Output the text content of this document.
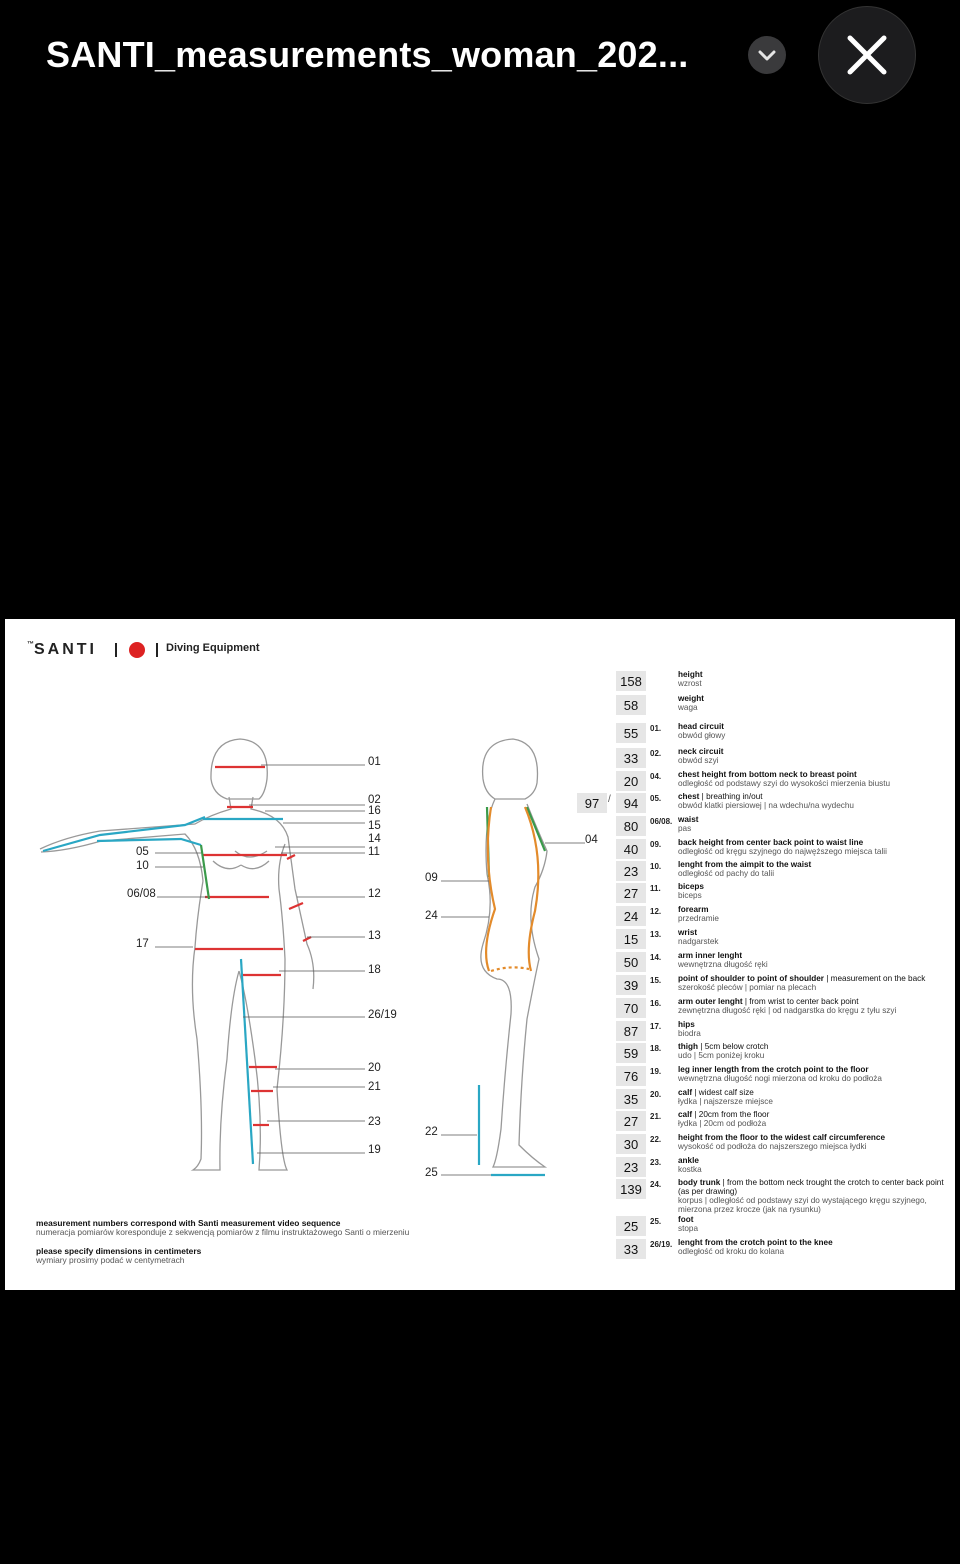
SANTI_measurements_woman_202...
™SANTI	Diving Equipment
01
02
16
15
14
11
05
10
06/08	12
17
13
18
26/19
20
21
23
19
04
09
24
22
25
158	height
wzrost
58	weight
waga
55	01. head circuit
obwód głowy
33	02. neck circuit
obwód szyi
20	04. chest height from bottom neck to breast point
odległość od podstawy szyi do wysokości mierzenia biustu
97 / 94	05. chest | breathing in/out
obwód klatki piersiowej | na wdechu/na wydechu
80	06/08. waist
pas
40	09. back height from center back point to waist line
odległość od kręgu szyjnego do najwęższego miejsca talii
23	10. lenght from the aimpit to the waist
odległość od pachy do talii
27	11. biceps
biceps
24	12. forearm
przedramie
15	13. wrist
nadgarstek
50	14. arm inner lenght
wewnętrzna długość ręki
39	15. point of shoulder to point of shoulder | measurement on the back
szerokość pleców | pomiar na plecach
70	16. arm outer lenght | from wrist to center back point
zewnętrzna długość ręki | od nadgarstka do kręgu z tyłu szyi
87	17. hips
biodra
59	18. thigh | 5cm below crotch
udo | 5cm poniżej kroku
76	19. leg inner length from the crotch point to the floor
wewnętrzna długość nogi mierzona od kroku do podłoża
35	20. calf | widest calf size
łydka | najszersze miejsce
27	21. calf | 20cm from the floor
łydka | 20cm od podłoża
30	22. height from the floor to the widest calf circumference
wysokość od podłoża do najszerszego miejsca łydki
23	23. ankle
kostka
139	24. body trunk | from the bottom neck trought the crotch to center back point (as per drawing)
korpus | odległość od podstawy szyi do wystającego kręgu szyjnego, mierzona przez krocze (jak na rysunku)
25	25. foot
stopa
33	26/19. lenght from the crotch point to the knee
odległość od kroku do kolana
measurement numbers correspond with Santi measurement video sequence
numeracja pomiarów koresponduje z sekwencją pomiarów z filmu instruktażowego Santi o mierzeniu
please specify dimensions in centimeters
wymiary prosimy podać w centymetrach
